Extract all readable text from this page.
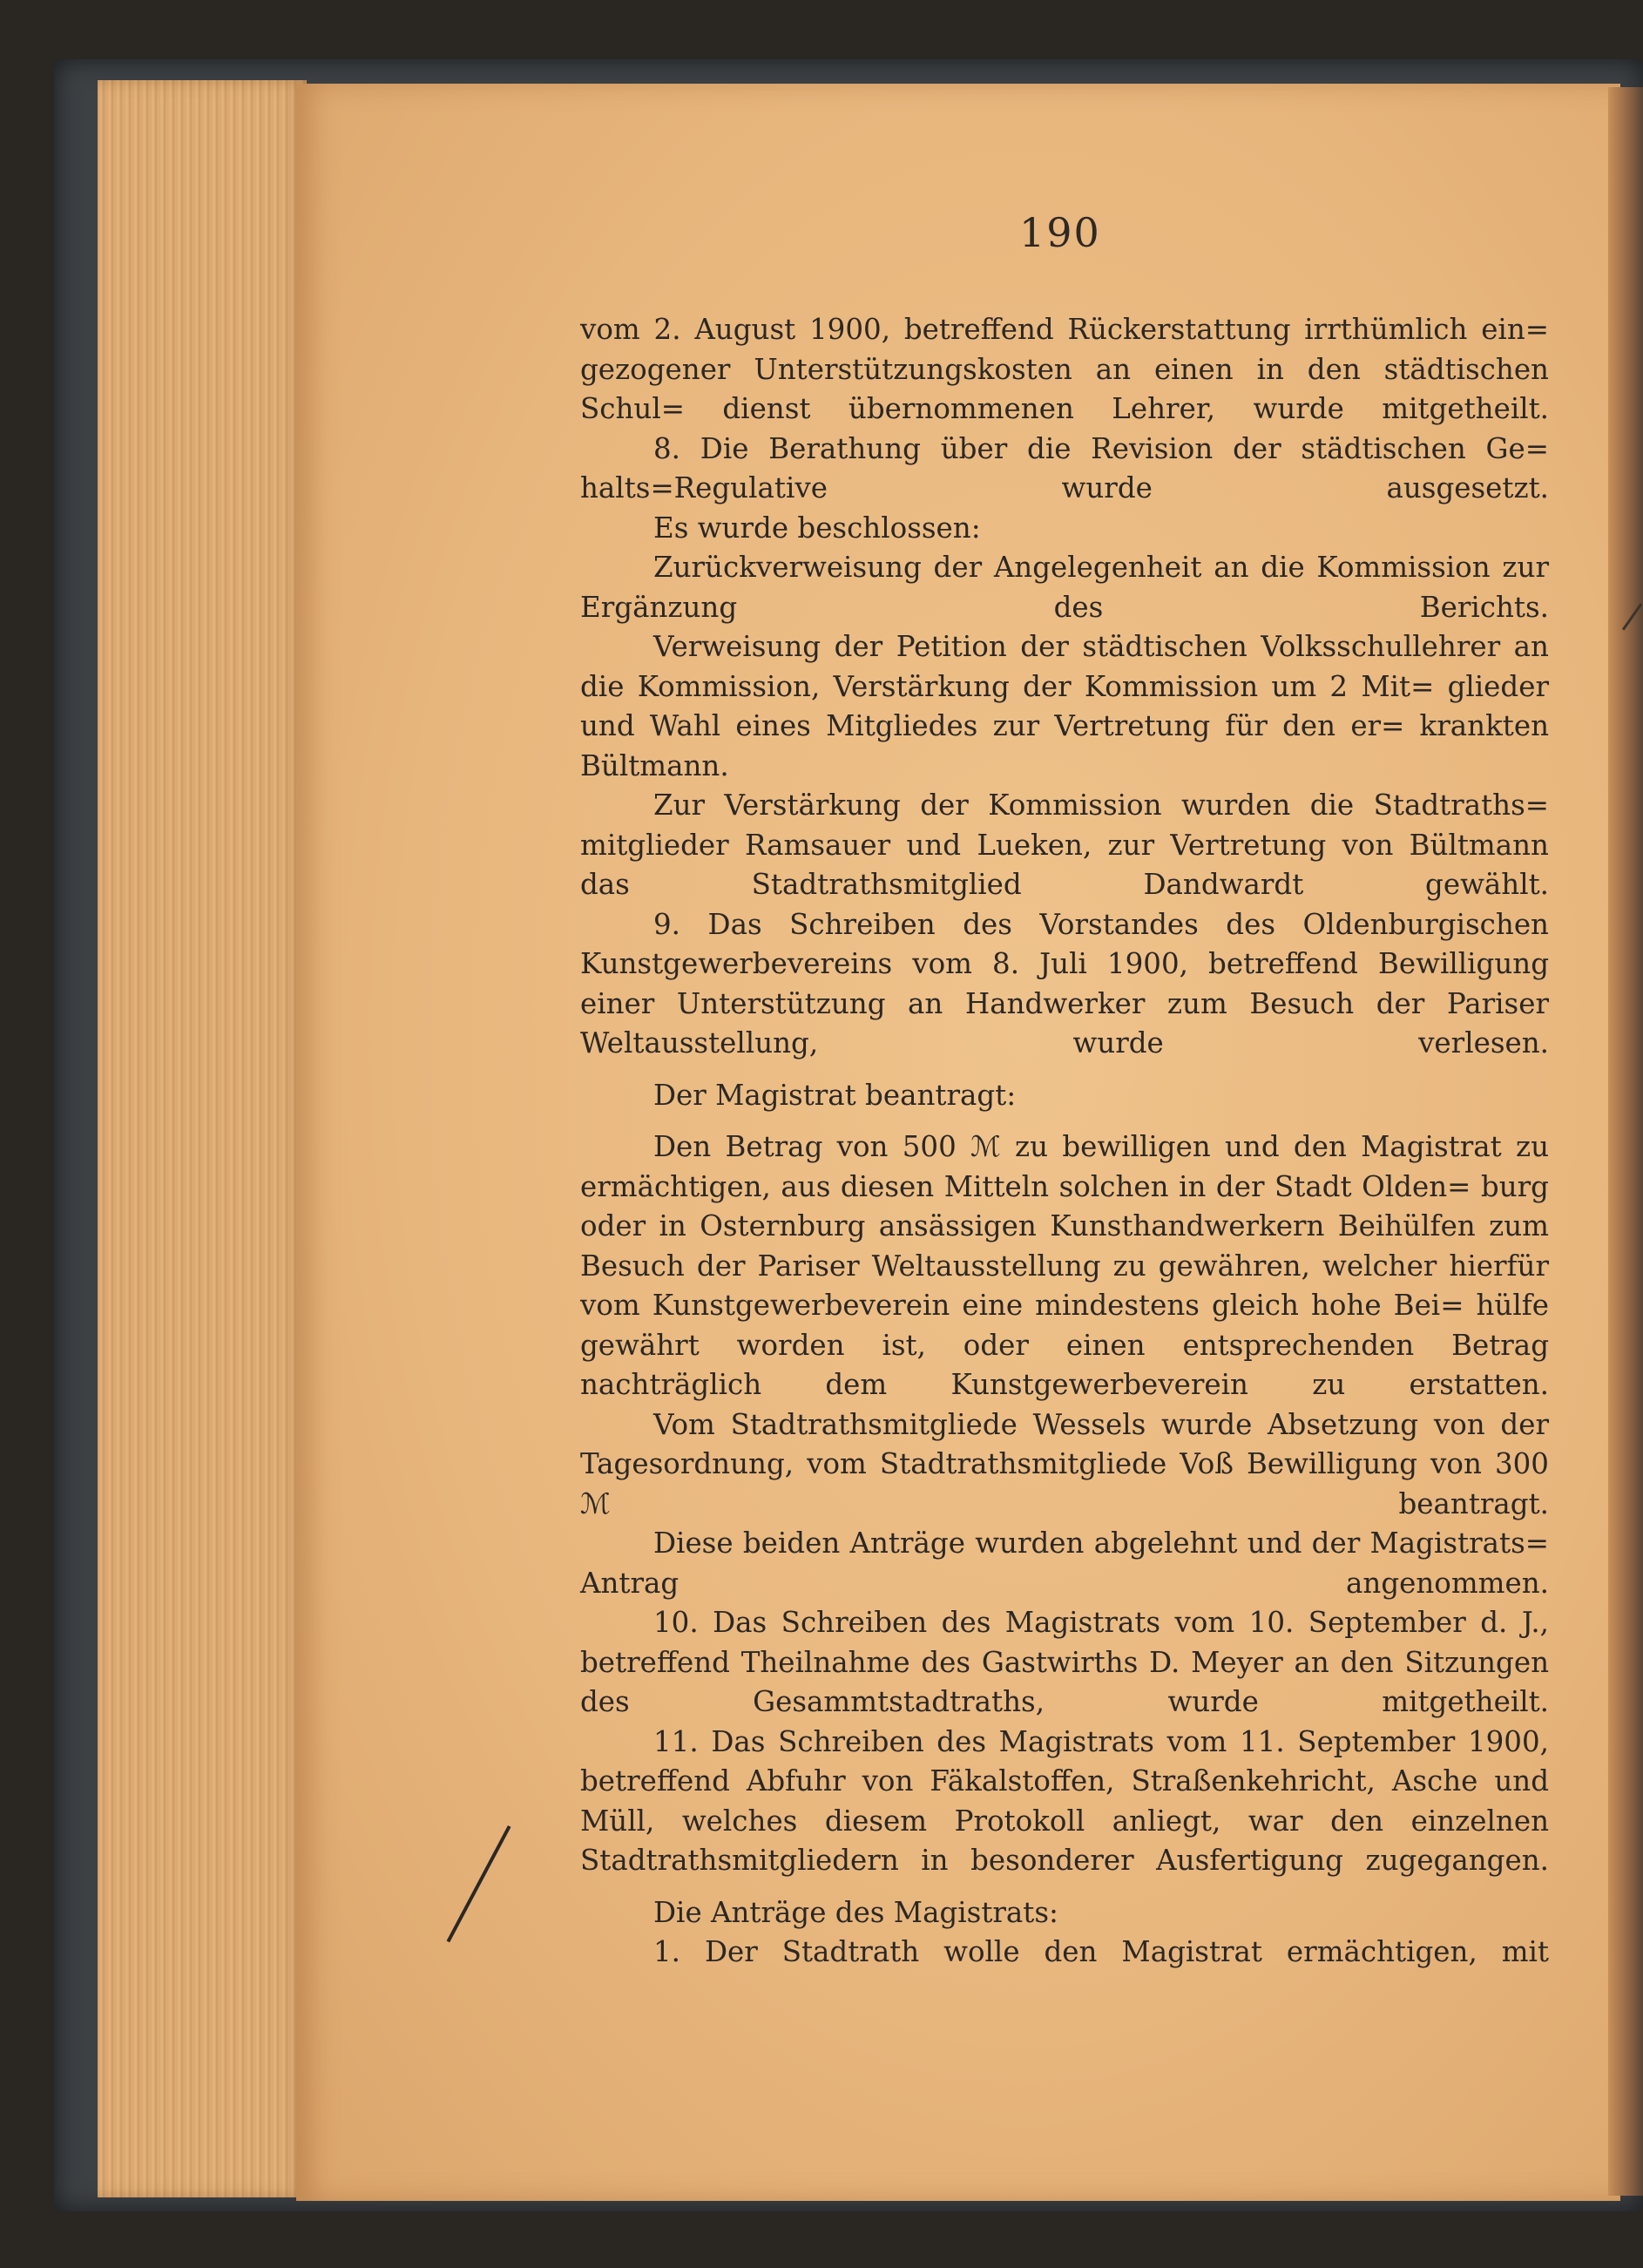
190

vom 2. August 1900, betreffend Rückerstattung irrthümlich ein= gezogener Unterstützungskosten an einen in den städtischen Schul= dienst übernommenen Lehrer, wurde mitgetheilt.

8. Die Berathung über die Revision der städtischen Ge= halts=Regulative wurde ausgesetzt.

Es wurde beschlossen:

Zurückverweisung der Angelegenheit an die Kommission zur Ergänzung des Berichts.

Verweisung der Petition der städtischen Volksschullehrer an die Kommission, Verstärkung der Kommission um 2 Mit= glieder und Wahl eines Mitgliedes zur Vertretung für den er= krankten Bültmann.

Zur Verstärkung der Kommission wurden die Stadtraths= mitglieder Ramsauer und Lueken, zur Vertretung von Bültmann das Stadtrathsmitglied Dandwardt gewählt.

9. Das Schreiben des Vorstandes des Oldenburgischen Kunstgewerbevereins vom 8. Juli 1900, betreffend Bewilligung einer Unterstützung an Handwerker zum Besuch der Pariser Weltausstellung, wurde verlesen.

Der Magistrat beantragt:

Den Betrag von 500 ℳ zu bewilligen und den Magistrat zu ermächtigen, aus diesen Mitteln solchen in der Stadt Olden= burg oder in Osternburg ansässigen Kunsthandwerkern Beihülfen zum Besuch der Pariser Weltausstellung zu gewähren, welcher hierfür vom Kunstgewerbeverein eine mindestens gleich hohe Bei= hülfe gewährt worden ist, oder einen entsprechenden Betrag nachträglich dem Kunstgewerbeverein zu erstatten.

Vom Stadtrathsmitgliede Wessels wurde Absetzung von der Tagesordnung, vom Stadtrathsmitgliede Voß Bewilligung von 300 ℳ beantragt.

Diese beiden Anträge wurden abgelehnt und der Magistrats= Antrag angenommen.

10. Das Schreiben des Magistrats vom 10. September d. J., betreffend Theilnahme des Gastwirths D. Meyer an den Sitzungen des Gesammtstadtraths, wurde mitgetheilt.

11. Das Schreiben des Magistrats vom 11. September 1900, betreffend Abfuhr von Fäkalstoffen, Straßenkehricht, Asche und Müll, welches diesem Protokoll anliegt, war den einzelnen Stadtrathsmitgliedern in besonderer Ausfertigung zugegangen.

Die Anträge des Magistrats:

1. Der Stadtrath wolle den Magistrat ermächtigen, mit
